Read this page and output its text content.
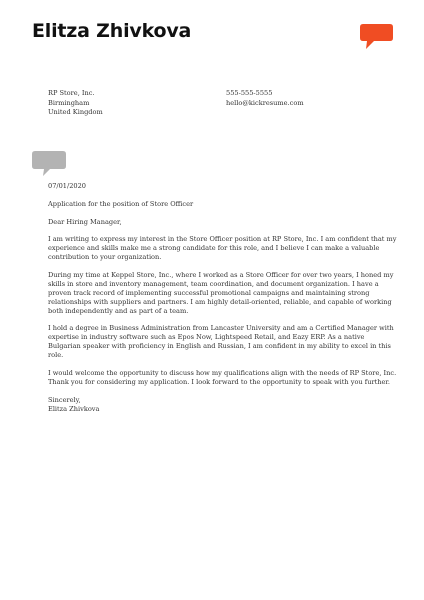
Elitza Zhivkova
RP Store, Inc.
Birmingham
United Kingdom
555-555-5555
hello@kickresume.com

07/01/2020

Application for the position of Store Officer

Dear Hiring Manager,

I am writing to express my interest in the Store Officer position at RP Store, Inc. I am confident that my experience and skills make me a strong candidate for this role, and I believe I can make a valuable contribution to your organization.

During my time at Keppel Store, Inc., where I worked as a Store Officer for over two years, I honed my skills in store and inventory management, team coordination, and document organization. I have a proven track record of implementing successful promotional campaigns and maintaining strong relationships with suppliers and partners. I am highly detail-oriented, reliable, and capable of working both independently and as part of a team.

I hold a degree in Business Administration from Lancaster University and am a Certified Manager with expertise in industry software such as Epos Now, Lightspeed Retail, and Eazy ERP. As a native Bulgarian speaker with proficiency in English and Russian, I am confident in my ability to excel in this role.

I would welcome the opportunity to discuss how my qualifications align with the needs of RP Store, Inc. Thank you for considering my application. I look forward to the opportunity to speak with you further.

Sincerely,

Elitza Zhivkova
